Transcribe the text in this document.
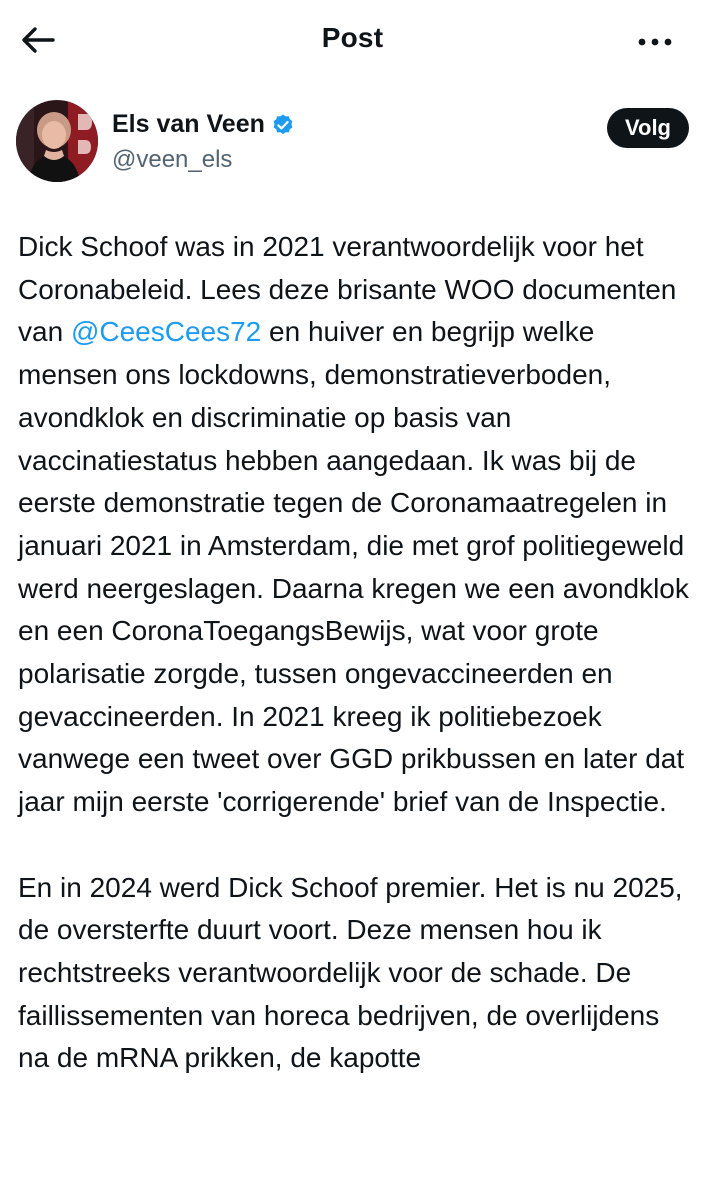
Post
Els van Veen
@veen_els
Volg

Dick Schoof was in 2021 verantwoordelijk voor het Coronabeleid. Lees deze brisante WOO documenten van @CeesCees72 en huiver en begrijp welke mensen ons lockdowns, demonstratieverboden, avondklok en discriminatie op basis van vaccinatiestatus hebben aangedaan. Ik was bij de eerste demonstratie tegen de Coronamaatregelen in januari 2021 in Amsterdam, die met grof politiegeweld werd neergeslagen. Daarna kregen we een avondklok en een CoronaToegangsBewijs, wat voor grote polarisatie zorgde, tussen ongevaccineerden en gevaccineerden. In 2021 kreeg ik politiebezoek vanwege een tweet over GGD prikbussen en later dat jaar mijn eerste 'corrigerende' brief van de Inspectie.

En in 2024 werd Dick Schoof premier. Het is nu 2025, de oversterfte duurt voort. Deze mensen hou ik rechtstreeks verantwoordelijk voor de schade. De faillissementen van horeca bedrijven, de overlijdens na de mRNA prikken, de kapotte
